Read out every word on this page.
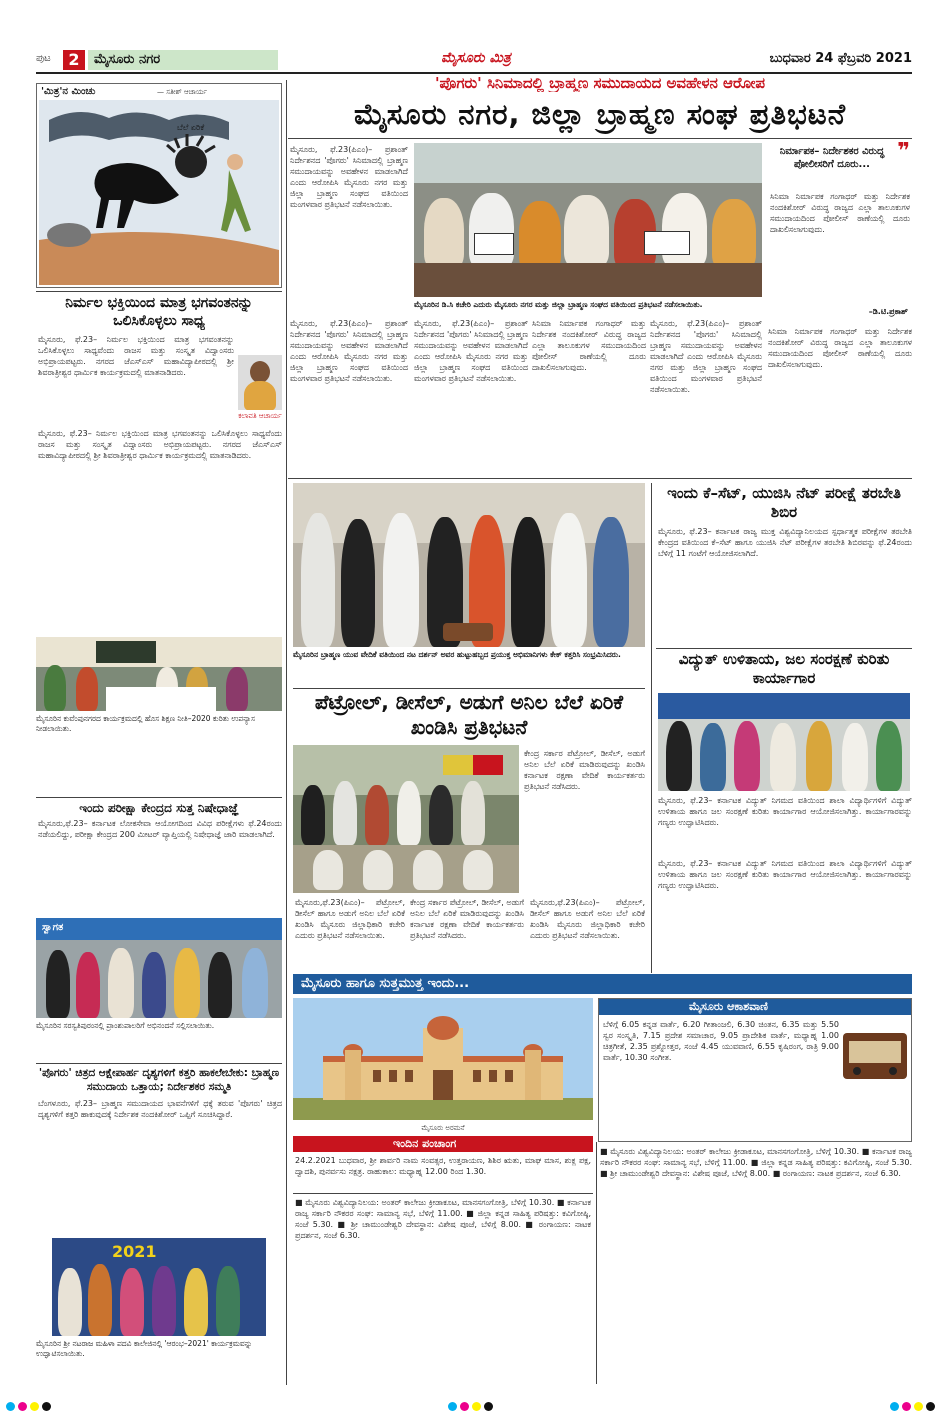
ಪುಟ	2	ಮೈಸೂರು ನಗರ	ಮೈಸೂರು ಮಿತ್ರ	ಬುಧವಾರ 24 ಫೆಬ್ರವರಿ 2021
'ಮಿತ್ರ'ನ ಮಿಂಚು	— ಸತೀಶ್ ಆಚಾರ್ಯ
ಬೆಲೆ ಏರಿಕೆ
'ಪೊಗರು' ಸಿನಿಮಾದಲ್ಲಿ ಬ್ರಾಹ್ಮಣ ಸಮುದಾಯದ ಅವಹೇಳನ ಆರೋಪ
ಮೈಸೂರು ನಗರ, ಜಿಲ್ಲಾ ಬ್ರಾಹ್ಮಣ ಸಂಘ ಪ್ರತಿಭಟನೆ
ಮೈಸೂರು, ಫೆ.23(ಪಿಎಂ)– ಪ್ರಶಾಂತ್ ನಿರ್ದೇಶನದ 'ಪೊಗರು' ಸಿನಿಮಾದಲ್ಲಿ ಬ್ರಾಹ್ಮಣ ಸಮುದಾಯವನ್ನು ಅವಹೇಳನ ಮಾಡಲಾಗಿದೆ ಎಂದು ಆರೋಪಿಸಿ ಮೈಸೂರು ನಗರ ಮತ್ತು ಜಿಲ್ಲಾ ಬ್ರಾಹ್ಮಣ ಸಂಘದ ವತಿಯಿಂದ ಮಂಗಳವಾರ ಪ್ರತಿಭಟನೆ ನಡೆಸಲಾಯಿತು.
ಮೈಸೂರಿನ ಡಿ.ಸಿ ಕಚೇರಿ ಎದುರು ಮೈಸೂರು ನಗರ ಮತ್ತು ಜಿಲ್ಲಾ ಬ್ರಾಹ್ಮಣ ಸಂಘದ ವತಿಯಿಂದ ಪ್ರತಿಭಟನೆ ನಡೆಸಲಾಯಿತು.
❞
ನಿರ್ಮಾಪಕ– ನಿರ್ದೇಶಕರ ವಿರುದ್ಧ ಪೋಲೀಸರಿಗೆ ದೂರು...
ಸಿನಿಮಾ ನಿರ್ಮಾಪಕ ಗಂಗಾಧರ್ ಮತ್ತು ನಿರ್ದೇಶಕ ನಂದಕಿಶೋರ್ ವಿರುದ್ಧ ರಾಜ್ಯದ ಎಲ್ಲಾ ತಾಲೂಕುಗಳ ಸಮುದಾಯದಿಂದ ಪೋಲೀಸ್ ಠಾಣೆಯಲ್ಲಿ ದೂರು ದಾಖಲಿಸಲಾಗುವುದು.
–ಡಿ.ಟಿ.ಪ್ರಕಾಶ್
ಮೈಸೂರು, ಫೆ.23(ಪಿಎಂ)– ಪ್ರಶಾಂತ್ ನಿರ್ದೇಶನದ 'ಪೊಗರು' ಸಿನಿಮಾದಲ್ಲಿ ಬ್ರಾಹ್ಮಣ ಸಮುದಾಯವನ್ನು ಅವಹೇಳನ ಮಾಡಲಾಗಿದೆ ಎಂದು ಆರೋಪಿಸಿ ಮೈಸೂರು ನಗರ ಮತ್ತು ಜಿಲ್ಲಾ ಬ್ರಾಹ್ಮಣ ಸಂಘದ ವತಿಯಿಂದ ಮಂಗಳವಾರ ಪ್ರತಿಭಟನೆ ನಡೆಸಲಾಯಿತು.
ಮೈಸೂರು, ಫೆ.23(ಪಿಎಂ)– ಪ್ರಶಾಂತ್ ನಿರ್ದೇಶನದ 'ಪೊಗರು' ಸಿನಿಮಾದಲ್ಲಿ ಬ್ರಾಹ್ಮಣ ಸಮುದಾಯವನ್ನು ಅವಹೇಳನ ಮಾಡಲಾಗಿದೆ ಎಂದು ಆರೋಪಿಸಿ ಮೈಸೂರು ನಗರ ಮತ್ತು ಜಿಲ್ಲಾ ಬ್ರಾಹ್ಮಣ ಸಂಘದ ವತಿಯಿಂದ ಮಂಗಳವಾರ ಪ್ರತಿಭಟನೆ ನಡೆಸಲಾಯಿತು.
ಸಿನಿಮಾ ನಿರ್ಮಾಪಕ ಗಂಗಾಧರ್ ಮತ್ತು ನಿರ್ದೇಶಕ ನಂದಕಿಶೋರ್ ವಿರುದ್ಧ ರಾಜ್ಯದ ಎಲ್ಲಾ ತಾಲೂಕುಗಳ ಸಮುದಾಯದಿಂದ ಪೋಲೀಸ್ ಠಾಣೆಯಲ್ಲಿ ದೂರು ದಾಖಲಿಸಲಾಗುವುದು.
ಮೈಸೂರು, ಫೆ.23(ಪಿಎಂ)– ಪ್ರಶಾಂತ್ ನಿರ್ದೇಶನದ 'ಪೊಗರು' ಸಿನಿಮಾದಲ್ಲಿ ಬ್ರಾಹ್ಮಣ ಸಮುದಾಯವನ್ನು ಅವಹೇಳನ ಮಾಡಲಾಗಿದೆ ಎಂದು ಆರೋಪಿಸಿ ಮೈಸೂರು ನಗರ ಮತ್ತು ಜಿಲ್ಲಾ ಬ್ರಾಹ್ಮಣ ಸಂಘದ ವತಿಯಿಂದ ಮಂಗಳವಾರ ಪ್ರತಿಭಟನೆ ನಡೆಸಲಾಯಿತು.
ಸಿನಿಮಾ ನಿರ್ಮಾಪಕ ಗಂಗಾಧರ್ ಮತ್ತು ನಿರ್ದೇಶಕ ನಂದಕಿಶೋರ್ ವಿರುದ್ಧ ರಾಜ್ಯದ ಎಲ್ಲಾ ತಾಲೂಕುಗಳ ಸಮುದಾಯದಿಂದ ಪೋಲೀಸ್ ಠಾಣೆಯಲ್ಲಿ ದೂರು ದಾಖಲಿಸಲಾಗುವುದು.
ನಿರ್ಮಲ ಭಕ್ತಿಯಿಂದ ಮಾತ್ರ ಭಗವಂತನನ್ನು ಒಲಿಸಿಕೊಳ್ಳಲು ಸಾಧ್ಯ
ಮೈಸೂರು, ಫೆ.23– ನಿರ್ಮಲ ಭಕ್ತಿಯಿಂದ ಮಾತ್ರ ಭಗವಂತನನ್ನು ಒಲಿಸಿಕೊಳ್ಳಲು ಸಾಧ್ಯವೆಂದು ರಾಜಸ ಮತ್ತು ಸಂಸ್ಕೃತ ವಿದ್ವಾಂಸರು ಅಭಿಪ್ರಾಯಪಟ್ಟರು. ನಗರದ ಜೆಎಸ್ಎಸ್ ಮಹಾವಿದ್ಯಾಪೀಠದಲ್ಲಿ ಶ್ರೀ ಶಿವರಾತ್ರೀಶ್ವರ ಧಾರ್ಮಿಕ ಕಾರ್ಯಕ್ರಮದಲ್ಲಿ ಮಾತನಾಡಿದರು.
ಕಲಾವತಿ ಆಚಾರ್ಯ
ಮೈಸೂರು, ಫೆ.23– ನಿರ್ಮಲ ಭಕ್ತಿಯಿಂದ ಮಾತ್ರ ಭಗವಂತನನ್ನು ಒಲಿಸಿಕೊಳ್ಳಲು ಸಾಧ್ಯವೆಂದು ರಾಜಸ ಮತ್ತು ಸಂಸ್ಕೃತ ವಿದ್ವಾಂಸರು ಅಭಿಪ್ರಾಯಪಟ್ಟರು. ನಗರದ ಜೆಎಸ್ಎಸ್ ಮಹಾವಿದ್ಯಾಪೀಠದಲ್ಲಿ ಶ್ರೀ ಶಿವರಾತ್ರೀಶ್ವರ ಧಾರ್ಮಿಕ ಕಾರ್ಯಕ್ರಮದಲ್ಲಿ ಮಾತನಾಡಿದರು.
ಮೈಸೂರಿನ ಕುವೆಂಪುನಗರದ ಕಾರ್ಯಕ್ರಮದಲ್ಲಿ ಹೊಸ ಶಿಕ್ಷಣ ನೀತಿ–2020 ಕುರಿತು ಉಪನ್ಯಾಸ ನೀಡಲಾಯಿತು.
ಇಂದು ಪರೀಕ್ಷಾ ಕೇಂದ್ರದ ಸುತ್ತ ನಿಷೇಧಾಜ್ಞೆ
ಮೈಸೂರು,ಫೆ.23– ಕರ್ನಾಟಕ ಲೋಕಸೇವಾ ಆಯೋಗದಿಂದ ವಿವಿಧ ಪರೀಕ್ಷೆಗಳು ಫೆ.24ರಂದು ನಡೆಯಲಿದ್ದು, ಪರೀಕ್ಷಾ ಕೇಂದ್ರದ 200 ಮೀಟರ್ ವ್ಯಾಪ್ತಿಯಲ್ಲಿ ನಿಷೇಧಾಜ್ಞೆ ಜಾರಿ ಮಾಡಲಾಗಿದೆ.
ಸ್ವಾಗತ
ಮೈಸೂರಿನ ಸರಸ್ವತಿಪುರಂನಲ್ಲಿ ಪ್ರಾಂಶುಪಾಲರಿಗೆ ಅಭಿನಂದನೆ ಸಲ್ಲಿಸಲಾಯಿತು.
'ಪೊಗರು' ಚಿತ್ರದ ಆಕ್ಷೇಪಾರ್ಹ ದೃಶ್ಯಗಳಿಗೆ ಕತ್ತರಿ ಹಾಕಲೇಬೇಕು: ಬ್ರಾಹ್ಮಣ ಸಮುದಾಯ ಒತ್ತಾಯ; ನಿರ್ದೇಶಕರ ಸಮ್ಮತಿ
ಬೆಂಗಳೂರು, ಫೆ.23– ಬ್ರಾಹ್ಮಣ ಸಮುದಾಯದ ಭಾವನೆಗಳಿಗೆ ಧಕ್ಕೆ ತರುವ 'ಪೊಗರು' ಚಿತ್ರದ ದೃಶ್ಯಗಳಿಗೆ ಕತ್ತರಿ ಹಾಕುವುದಕ್ಕೆ ನಿರ್ದೇಶಕ ನಂದಕಿಶೋರ್ ಒಪ್ಪಿಗೆ ಸೂಚಿಸಿದ್ದಾರೆ.
2021
ಮೈಸೂರಿನ ಶ್ರೀ ನಟರಾಜ ಮಹಿಳಾ ಪದವಿ ಕಾಲೇಜಿನಲ್ಲಿ 'ಆರಂಭ–2021' ಕಾರ್ಯಕ್ರಮವನ್ನು ಉದ್ಘಾಟಿಸಲಾಯಿತು.
ಮೈಸೂರಿನ ಬ್ರಾಹ್ಮಣ ಯುವ ವೇದಿಕೆ ವತಿಯಿಂದ ನಟ ದರ್ಶನ್ ಅವರ ಹುಟ್ಟುಹಬ್ಬದ ಪ್ರಯುಕ್ತ ಅಭಿಮಾನಿಗಳು ಕೇಕ್ ಕತ್ತರಿಸಿ ಸಂಭ್ರಮಿಸಿದರು.
ಪೆಟ್ರೋಲ್, ಡೀಸೆಲ್, ಅಡುಗೆ ಅನಿಲ ಬೆಲೆ ಏರಿಕೆ ಖಂಡಿಸಿ ಪ್ರತಿಭಟನೆ
ಕೇಂದ್ರ ಸರ್ಕಾರ ಪೆಟ್ರೋಲ್, ಡೀಸೆಲ್, ಅಡುಗೆ ಅನಿಲ ಬೆಲೆ ಏರಿಕೆ ಮಾಡಿರುವುದನ್ನು ಖಂಡಿಸಿ ಕರ್ನಾಟಕ ರಕ್ಷಣಾ ವೇದಿಕೆ ಕಾರ್ಯಕರ್ತರು ಪ್ರತಿಭಟನೆ ನಡೆಸಿದರು.
ಮೈಸೂರು,ಫೆ.23(ಪಿಎಂ)– ಪೆಟ್ರೋಲ್, ಡೀಸೆಲ್ ಹಾಗೂ ಅಡುಗೆ ಅನಿಲ ಬೆಲೆ ಏರಿಕೆ ಖಂಡಿಸಿ ಮೈಸೂರು ಜಿಲ್ಲಾಧಿಕಾರಿ ಕಚೇರಿ ಎದುರು ಪ್ರತಿಭಟನೆ ನಡೆಸಲಾಯಿತು.
ಕೇಂದ್ರ ಸರ್ಕಾರ ಪೆಟ್ರೋಲ್, ಡೀಸೆಲ್, ಅಡುಗೆ ಅನಿಲ ಬೆಲೆ ಏರಿಕೆ ಮಾಡಿರುವುದನ್ನು ಖಂಡಿಸಿ ಕರ್ನಾಟಕ ರಕ್ಷಣಾ ವೇದಿಕೆ ಕಾರ್ಯಕರ್ತರು ಪ್ರತಿಭಟನೆ ನಡೆಸಿದರು.
ಮೈಸೂರು,ಫೆ.23(ಪಿಎಂ)– ಪೆಟ್ರೋಲ್, ಡೀಸೆಲ್ ಹಾಗೂ ಅಡುಗೆ ಅನಿಲ ಬೆಲೆ ಏರಿಕೆ ಖಂಡಿಸಿ ಮೈಸೂರು ಜಿಲ್ಲಾಧಿಕಾರಿ ಕಚೇರಿ ಎದುರು ಪ್ರತಿಭಟನೆ ನಡೆಸಲಾಯಿತು.
ಇಂದು ಕೆ–ಸೆಟ್, ಯುಜಿಸಿ ನೆಟ್ ಪರೀಕ್ಷೆ ತರಬೇತಿ ಶಿಬಿರ
ಮೈಸೂರು, ಫೆ.23– ಕರ್ನಾಟಕ ರಾಜ್ಯ ಮುಕ್ತ ವಿಶ್ವವಿದ್ಯಾನಿಲಯದ ಸ್ಪರ್ಧಾತ್ಮಕ ಪರೀಕ್ಷೆಗಳ ತರಬೇತಿ ಕೇಂದ್ರದ ವತಿಯಿಂದ ಕೆ–ಸೆಟ್ ಹಾಗೂ ಯುಜಿಸಿ ನೆಟ್ ಪರೀಕ್ಷೆಗಳ ತರಬೇತಿ ಶಿಬಿರವನ್ನು ಫೆ.24ರಂದು ಬೆಳಿಗ್ಗೆ 11 ಗಂಟೆಗೆ ಆಯೋಜಿಸಲಾಗಿದೆ.
ವಿದ್ಯುತ್ ಉಳಿತಾಯ, ಜಲ ಸಂರಕ್ಷಣೆ ಕುರಿತು ಕಾರ್ಯಾಗಾರ
ಮೈಸೂರು, ಫೆ.23– ಕರ್ನಾಟಕ ವಿದ್ಯುತ್ ನಿಗಮದ ವತಿಯಿಂದ ಶಾಲಾ ವಿದ್ಯಾರ್ಥಿಗಳಿಗೆ ವಿದ್ಯುತ್ ಉಳಿತಾಯ ಹಾಗೂ ಜಲ ಸಂರಕ್ಷಣೆ ಕುರಿತು ಕಾರ್ಯಾಗಾರ ಆಯೋಜಿಸಲಾಗಿತ್ತು. ಕಾರ್ಯಾಗಾರವನ್ನು ಗಣ್ಯರು ಉದ್ಘಾಟಿಸಿದರು.
ಮೈಸೂರು, ಫೆ.23– ಕರ್ನಾಟಕ ವಿದ್ಯುತ್ ನಿಗಮದ ವತಿಯಿಂದ ಶಾಲಾ ವಿದ್ಯಾರ್ಥಿಗಳಿಗೆ ವಿದ್ಯುತ್ ಉಳಿತಾಯ ಹಾಗೂ ಜಲ ಸಂರಕ್ಷಣೆ ಕುರಿತು ಕಾರ್ಯಾಗಾರ ಆಯೋಜಿಸಲಾಗಿತ್ತು. ಕಾರ್ಯಾಗಾರವನ್ನು ಗಣ್ಯರು ಉದ್ಘಾಟಿಸಿದರು.
ಮೈಸೂರು ಹಾಗೂ ಸುತ್ತಮುತ್ತ ಇಂದು...
ಮೈಸೂರು ಆಕಾಶವಾಣಿ
ಬೆಳಿಗ್ಗೆ 6.05 ಕನ್ನಡ ವಾರ್ತೆ, 6.20 ಗೀತಾಂಜಲಿ, 6.30 ಚಿಂತನ, 6.35 ಮತ್ತು 5.50 ಸ್ವರ ಸಂಸ್ಕೃತಿ, 7.15 ಪ್ರದೇಶ ಸಮಾಚಾರ, 9.05 ಪ್ರಾದೇಶಿಕ ವಾರ್ತೆ, ಮಧ್ಯಾಹ್ನ 1.00 ಚಿತ್ರಗೀತೆ, 2.35 ಪ್ರಶ್ನೋತ್ತರ, ಸಂಜೆ 4.45 ಯುವವಾಣಿ, 6.55 ಕೃಷಿರಂಗ, ರಾತ್ರಿ 9.00 ವಾರ್ತೆ, 10.30 ಸಂಗೀತ.
ಮೈಸೂರು ಅರಮನೆ
ಇಂದಿನ ಪಂಚಾಂಗ
24.2.2021 ಬುಧವಾರ, ಶ್ರೀ ಶಾರ್ವರಿ ನಾಮ ಸಂವತ್ಸರ, ಉತ್ತರಾಯಣ, ಶಿಶಿರ ಋತು, ಮಾಘ ಮಾಸ, ಶುಕ್ಲ ಪಕ್ಷ, ದ್ವಾದಶಿ, ಪುನರ್ವಸು ನಕ್ಷತ್ರ. ರಾಹುಕಾಲ: ಮಧ್ಯಾಹ್ನ 12.00 ರಿಂದ 1.30.
■ ಮೈಸೂರು ವಿಶ್ವವಿದ್ಯಾನಿಲಯ: ಅಂತರ್ ಕಾಲೇಜು ಕ್ರೀಡಾಕೂಟ, ಮಾನಸಗಂಗೋತ್ರಿ, ಬೆಳಿಗ್ಗೆ 10.30. ■ ಕರ್ನಾಟಕ ರಾಜ್ಯ ಸರ್ಕಾರಿ ನೌಕರರ ಸಂಘ: ಸಾಮಾನ್ಯ ಸಭೆ, ಬೆಳಿಗ್ಗೆ 11.00. ■ ಜಿಲ್ಲಾ ಕನ್ನಡ ಸಾಹಿತ್ಯ ಪರಿಷತ್ತು: ಕವಿಗೋಷ್ಠಿ, ಸಂಜೆ 5.30. ■ ಶ್ರೀ ಚಾಮುಂಡೇಶ್ವರಿ ದೇವಸ್ಥಾನ: ವಿಶೇಷ ಪೂಜೆ, ಬೆಳಿಗ್ಗೆ 8.00. ■ ರಂಗಾಯಣ: ನಾಟಕ ಪ್ರದರ್ಶನ, ಸಂಜೆ 6.30.
■ ಮೈಸೂರು ವಿಶ್ವವಿದ್ಯಾನಿಲಯ: ಅಂತರ್ ಕಾಲೇಜು ಕ್ರೀಡಾಕೂಟ, ಮಾನಸಗಂಗೋತ್ರಿ, ಬೆಳಿಗ್ಗೆ 10.30. ■ ಕರ್ನಾಟಕ ರಾಜ್ಯ ಸರ್ಕಾರಿ ನೌಕರರ ಸಂಘ: ಸಾಮಾನ್ಯ ಸಭೆ, ಬೆಳಿಗ್ಗೆ 11.00. ■ ಜಿಲ್ಲಾ ಕನ್ನಡ ಸಾಹಿತ್ಯ ಪರಿಷತ್ತು: ಕವಿಗೋಷ್ಠಿ, ಸಂಜೆ 5.30. ■ ಶ್ರೀ ಚಾಮುಂಡೇಶ್ವರಿ ದೇವಸ್ಥಾನ: ವಿಶೇಷ ಪೂಜೆ, ಬೆಳಿಗ್ಗೆ 8.00. ■ ರಂಗಾಯಣ: ನಾಟಕ ಪ್ರದರ್ಶನ, ಸಂಜೆ 6.30.
